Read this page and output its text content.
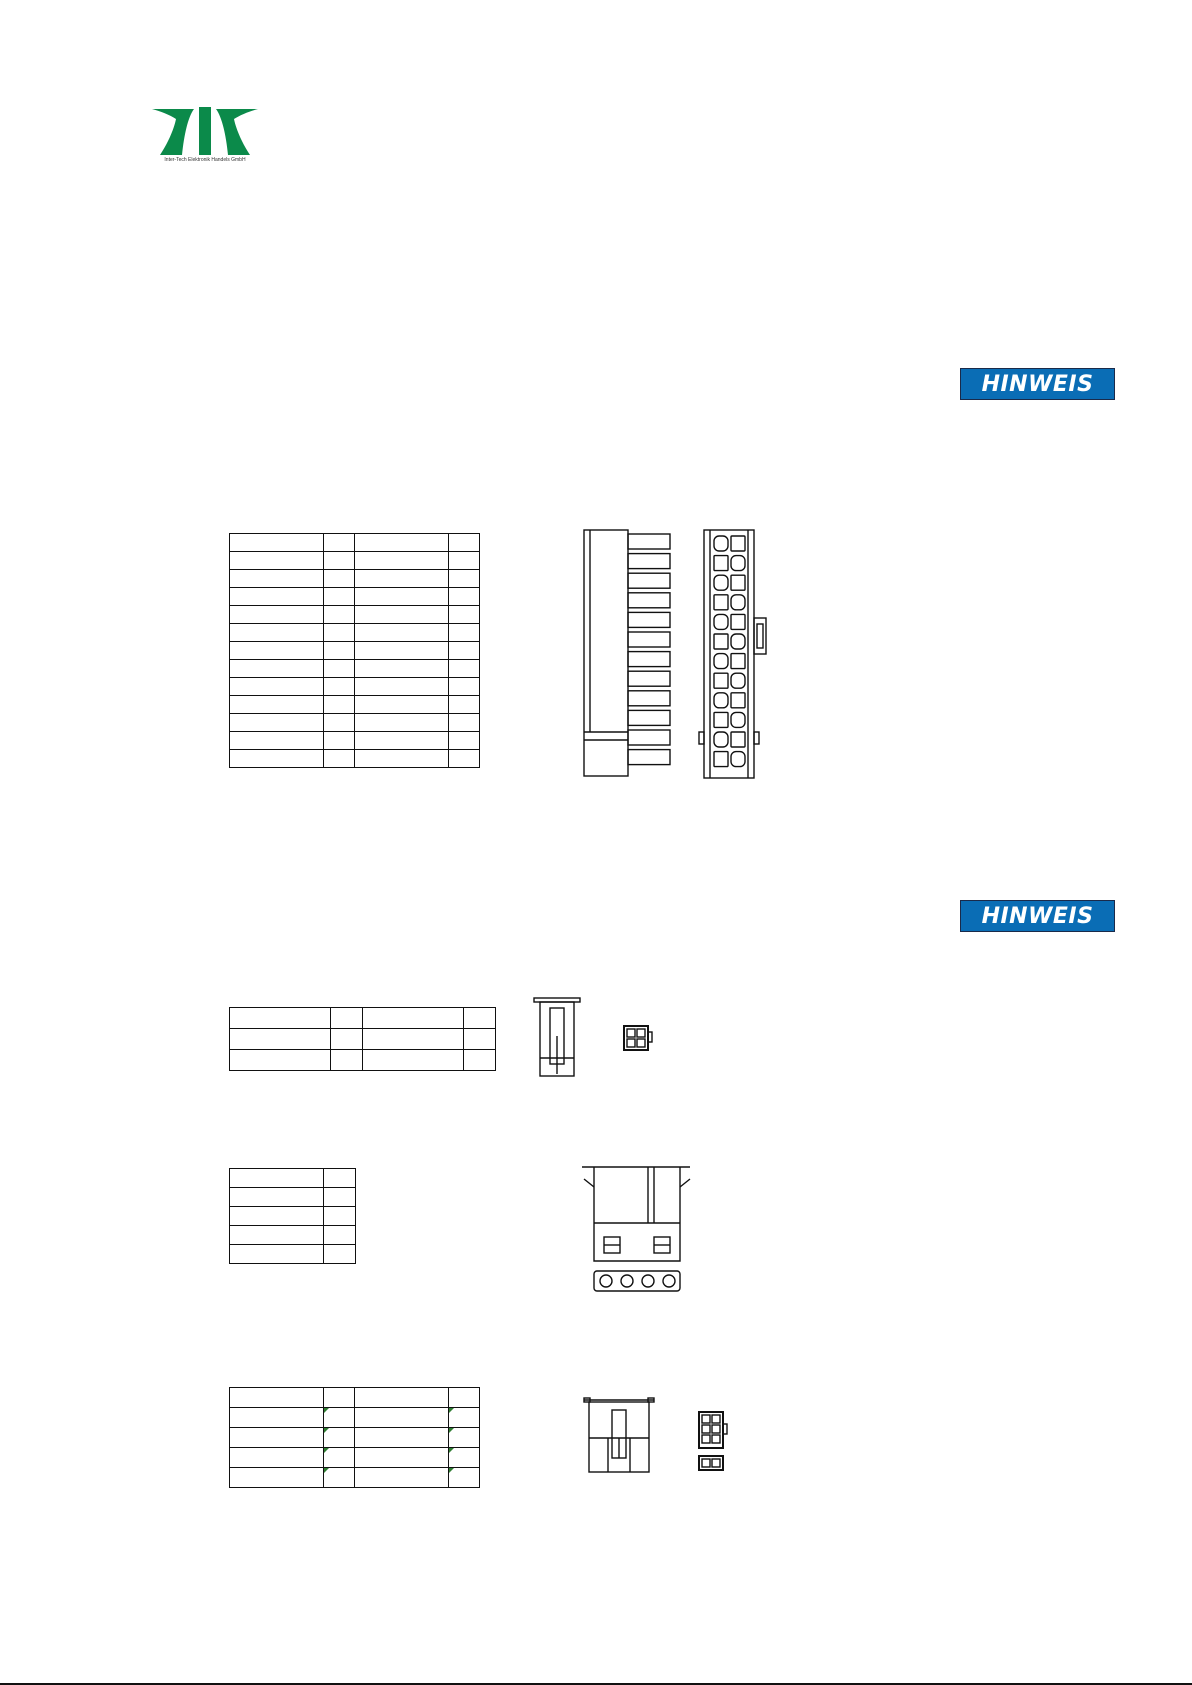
Inter-Tech Elektronik Handels GmbH
HINWEIS
HINWEIS
